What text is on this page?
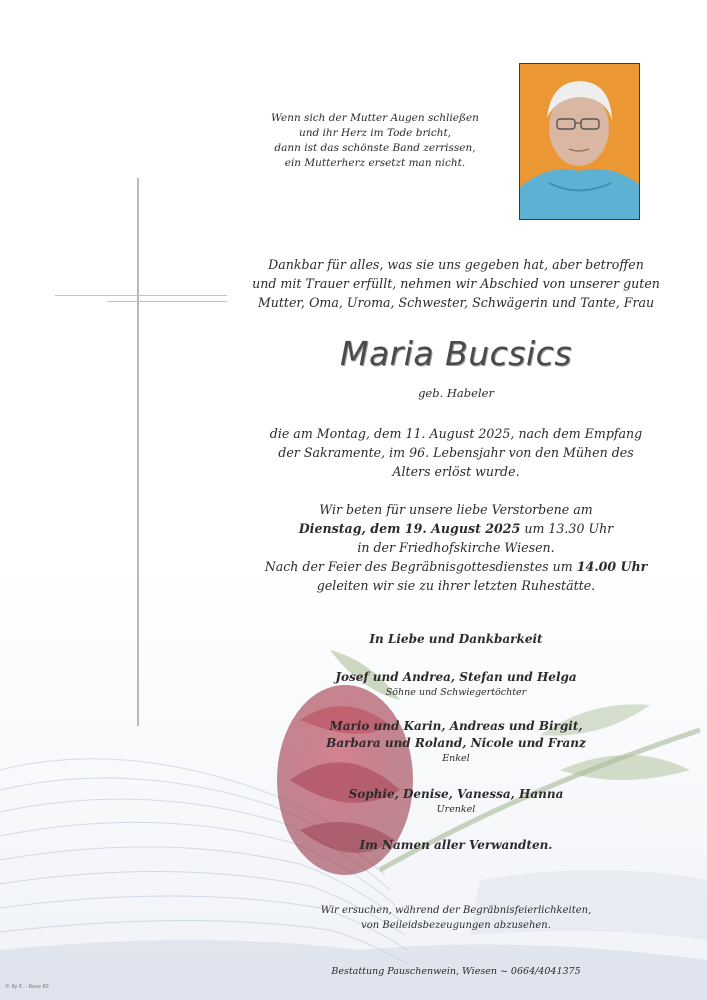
Wenn sich der Mutter Augen schließen
und ihr Herz im Tode bricht,
dann ist das schönste Band zerrissen,
ein Mutterherz ersetzt man nicht.
Dankbar für alles, was sie uns gegeben hat, aber betroffen
und mit Trauer erfüllt, nehmen wir Abschied von unserer guten
Mutter, Oma, Uroma, Schwester, Schwägerin und Tante, Frau
Maria Bucsics
geb. Habeler
die am Montag, dem 11. August 2025, nach dem Empfang
der Sakramente, im 96. Lebensjahr von den Mühen des
Alters erlöst wurde.
Wir beten für unsere liebe Verstorbene am
Dienstag, dem 19. August 2025 um 13.30 Uhr
in der Friedhofskirche Wiesen.
Nach der Feier des Begräbnisgottesdienstes um 14.00 Uhr
geleiten wir sie zu ihrer letzten Ruhestätte.
In Liebe und Dankbarkeit
Josef und Andrea, Stefan und Helga
Söhne und Schwiegertöchter
Mario und Karin, Andreas und Birgit,
Barbara und Roland, Nicole und Franz
Enkel
Sophie, Denise, Vanessa, Hanna
Urenkel
Im Namen aller Verwandten.
Wir ersuchen, während der Begräbnisfeierlichkeiten,
von Beileidsbezeugungen abzusehen.
Bestattung Pauschenwein, Wiesen ~ 0664/4041375
© Ky E. - Rose 60
